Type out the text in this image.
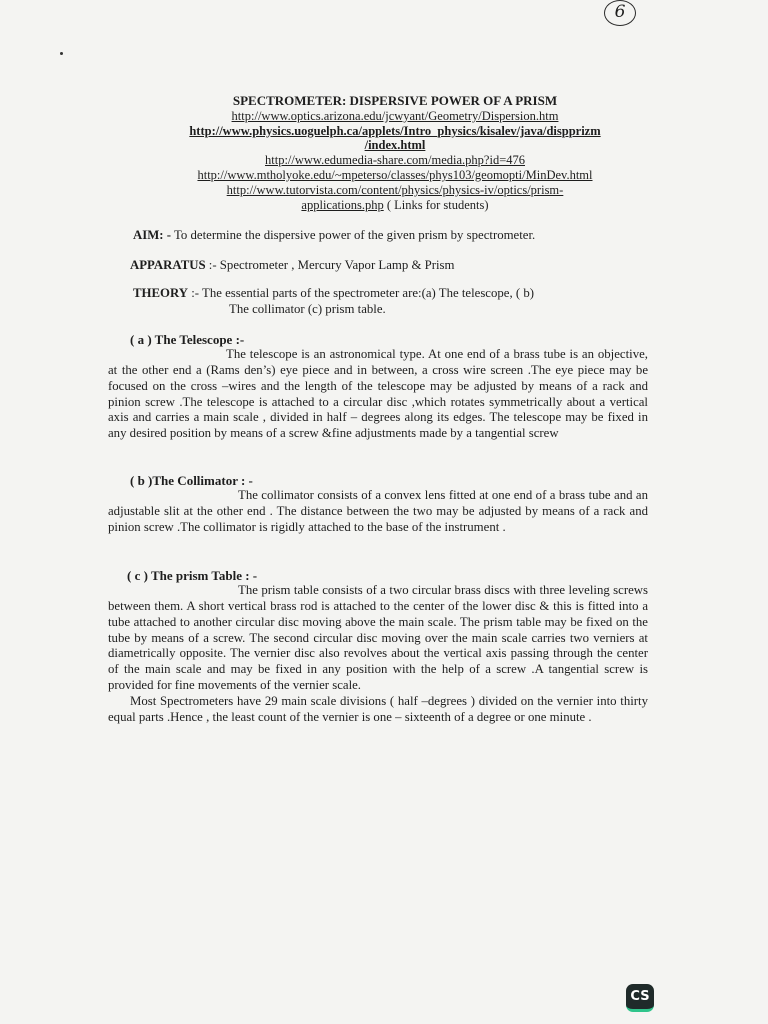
6
SPECTROMETER: DISPERSIVE POWER OF A PRISM
http://www.optics.arizona.edu/jcwyant/Geometry/Dispersion.htm
http://www.physics.uoguelph.ca/applets/Intro_physics/kisalev/java/dispprizm
/index.html
http://www.edumedia-share.com/media.php?id=476
http://www.mtholyoke.edu/~mpeterso/classes/phys103/geomopti/MinDev.html
http://www.tutorvista.com/content/physics/physics-iv/optics/prism-
applications.php ( Links for students)
AIM: - To determine the dispersive power of the given prism by spectrometer.
APPARATUS :- Spectrometer , Mercury Vapor Lamp & Prism
THEORY :- The essential parts of the spectrometer are:(a) The telescope, ( b)
The collimator (c) prism table.
( a ) The Telescope :-
The telescope is an astronomical type. At one end of a brass tube is an objective, at the other end a (Rams den’s) eye piece and in between, a cross wire screen .The eye piece may be focused on the cross –wires and the length of the telescope may be adjusted by means of a rack and pinion screw .The telescope is attached to a circular disc ,which rotates symmetrically about a vertical axis and carries a main scale , divided in half – degrees along its edges. The telescope may be fixed in any desired position by means of a screw &fine adjustments made by a tangential screw
( b )The Collimator : -
The collimator consists of a convex lens fitted at one end of a brass tube and an adjustable slit at the other end . The distance between the two may be adjusted by means of a rack and pinion screw .The collimator is rigidly attached to the base of the instrument .
( c ) The prism Table : -
The prism table consists of a two circular brass discs with three leveling screws between them. A short vertical brass rod is attached to the center of the lower disc & this is fitted into a tube attached to another circular disc moving above the main scale. The prism table may be fixed on the tube by means of a screw. The second circular disc moving over the main scale carries two verniers at diametrically opposite. The vernier disc also revolves about the vertical axis passing through the center of the main scale and may be fixed in any position with the help of a screw .A tangential screw is provided for fine movements of the vernier scale.
Most Spectrometers have 29 main scale divisions ( half –degrees ) divided on the vernier into thirty equal parts .Hence , the least count of the vernier is one – sixteenth of a degree or one minute .
CS
